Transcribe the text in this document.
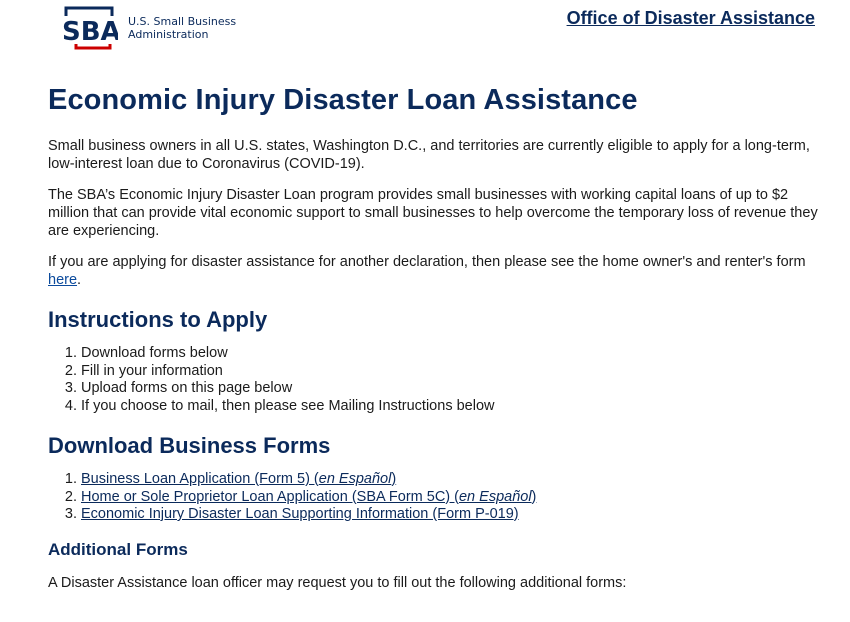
SBA U.S. Small Business
Administration
Office of Disaster Assistance
Economic Injury Disaster Loan Assistance

Small business owners in all U.S. states, Washington D.C., and territories are currently eligible to apply for a long-term, low-interest loan due to Coronavirus (COVID-19).

The SBA’s Economic Injury Disaster Loan program provides small businesses with working capital loans of up to $2 million that can provide vital economic support to small businesses to help overcome the temporary loss of revenue they are experiencing.

If you are applying for disaster assistance for another declaration, then please see the home owner's and renter's form here.

Instructions to Apply
1. Download forms below
2. Fill in your information
3. Upload forms on this page below
4. If you choose to mail, then please see Mailing Instructions below
Download Business Forms
1. Business Loan Application (Form 5) (en Español)
2. Home or Sole Proprietor Loan Application (SBA Form 5C) (en Español)
3. Economic Injury Disaster Loan Supporting Information (Form P-019)
Additional Forms

A Disaster Assistance loan officer may request you to fill out the following additional forms:
